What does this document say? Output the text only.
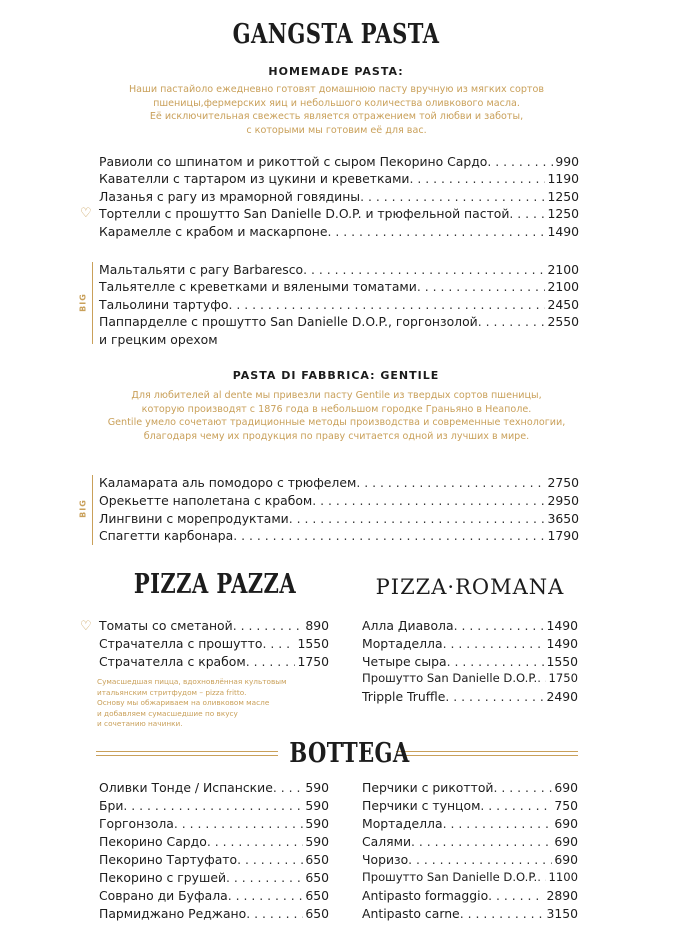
GANGSTA PASTA
HOMEMADE PASTA:
Наши пастайоло ежедневно готовят домашнюю пасту вручную из мягких сортов
пшеницы,фермерских яиц и небольшого количества оливкового масла.
Её исключительная свежесть является отражением той любви и заботы,
с которыми мы готовим её для вас.
Равиоли со шпинатом и рикоттой с сыром Пекорино Сардо . . .	990
Кавателли с тартаром из цукини и креветками . . .	1190
Лазанья с рагу из мраморной говядины . . .	1250
♡ Тортелли с прошутто San Danielle D.O.P. и трюфельной пастой . . .	1250
Карамелле с крабом и маскарпоне . . .	1490
BIG
Мальтальяти с рагу Barbaresco . . .	2100
Тальятелле с креветками и вялеными томатами . . .	2100
Тальолини тартуфо . . .	2450
Паппарделле с прошутто San Danielle D.O.P., горгонзолой . . .	2550
и грецким орехом
PASTA DI FABBRICA: GENTILE
Для любителей al dente мы привезли пасту Gentile из твердых сортов пшеницы,
которую производят с 1876 года в небольшом городке Граньяно в Неаполе.
Gentile умело сочетают традиционные методы производства и современные технологии,
благодаря чему их продукция по праву считается одной из лучших в мире.
BIG
Каламарата аль помодоро с трюфелем . . .	2750
Орекьетте наполетана с крабом . . .	2950
Лингвини с морепродуктами . . .	3650
Спагетти карбонара . . .	1790
PIZZA PAZZA
♡ Томаты со сметаной . . .	890
Страчателла с прошутто . . .	1550
Страчателла с крабом . . .	1750
Сумасшедшая пицца, вдохновлённая культовым
итальянским стритфудом – pizza fritto.
Основу мы обжариваем на оливковом масле
и добавляем сумасшедшие по вкусу
и сочетанию начинки.
PIZZA·ROMANA
Алла Диавола . . .	1490
Мортаделла . . .	1490
Четыре сыра . . .	1550
Прошутто San Danielle D.O.P. . . . 1750
Tripple Truffle . . .	2490
BOTTEGA
Оливки Тонде / Испанские . . .	590
Бри . . .	590
Горгонзола . . .	590
Пекорино Сардо . . .	590
Пекорино Тартуфато . . .	650
Пекорино с грушей . . .	650
Соврано ди Буфала . . .	650
Пармиджано Реджано . . .	650
Перчики с рикоттой . . .	690
Перчики с тунцом . . .	750
Мортаделла . . .	690
Салями . . .	690
Чоризо . . .	690
Прошутто San Danielle D.O.P. . . . 1100
Antipasto formaggio . . .	2890
Antipasto carne . . .	3150
